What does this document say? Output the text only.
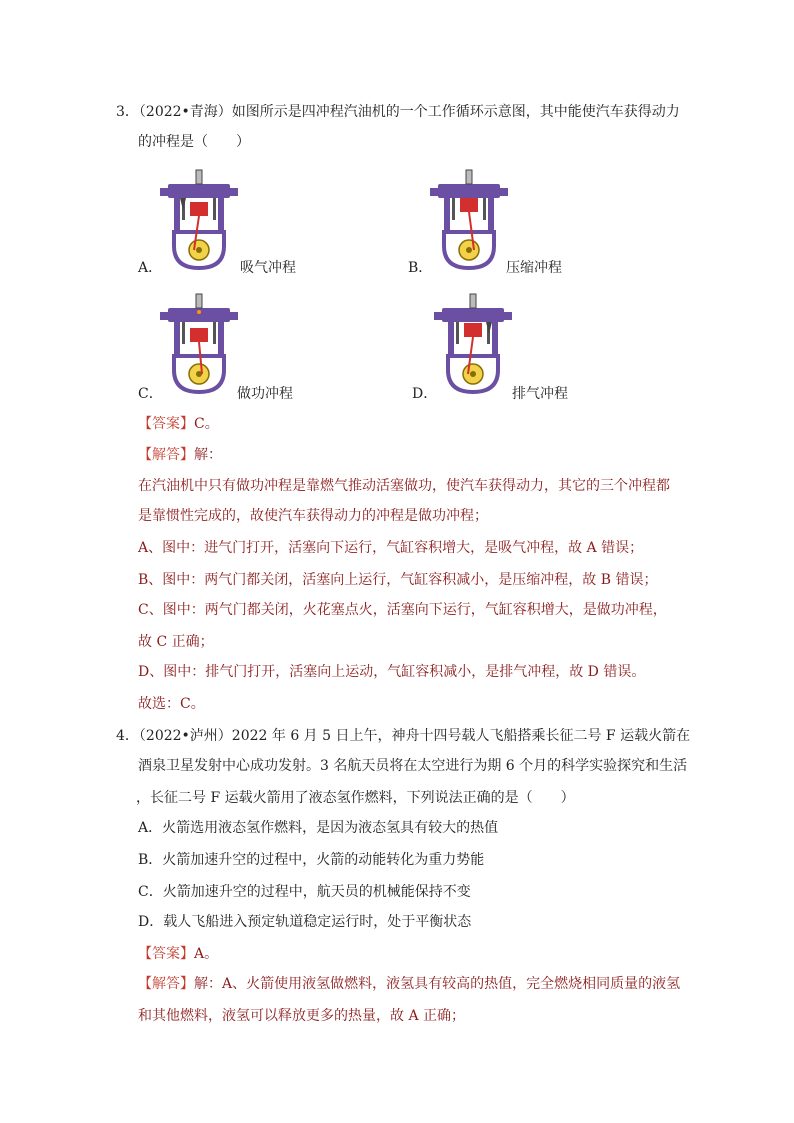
3．（2022•青海）如图所示是四冲程汽油机的一个工作循环示意图，其中能使汽车获得动力
的冲程是（　　）
A．	吸气冲程	B．	压缩冲程
C．	做功冲程	D．	排气冲程
【答案】C。
【解答】解：
在汽油机中只有做功冲程是靠燃气推动活塞做功，使汽车获得动力，其它的三个冲程都
是靠惯性完成的，故使汽车获得动力的冲程是做功冲程；
A、图中：进气门打开，活塞向下运行，气缸容积增大，是吸气冲程，故 A 错误；
B、图中：两气门都关闭，活塞向上运行，气缸容积减小，是压缩冲程，故 B 错误；
C、图中：两气门都关闭，火花塞点火，活塞向下运行，气缸容积增大，是做功冲程，
故 C 正确；
D、图中：排气门打开，活塞向上运动，气缸容积减小，是排气冲程，故 D 错误。
故选：C。
4．（2022•泸州）2022 年 6 月 5 日上午，神舟十四号载人飞船搭乘长征二号 F 运载火箭在
酒泉卫星发射中心成功发射。3 名航天员将在太空进行为期 6 个月的科学实验探究和生活
，长征二号 F 运载火箭用了液态氢作燃料，下列说法正确的是（　　）
A．火箭选用液态氢作燃料，是因为液态氢具有较大的热值
B．火箭加速升空的过程中，火箭的动能转化为重力势能
C．火箭加速升空的过程中，航天员的机械能保持不变
D．载人飞船进入预定轨道稳定运行时，处于平衡状态
【答案】A。
【解答】解：A、火箭使用液氢做燃料，液氢具有较高的热值，完全燃烧相同质量的液氢
和其他燃料，液氢可以释放更多的热量，故 A 正确；
